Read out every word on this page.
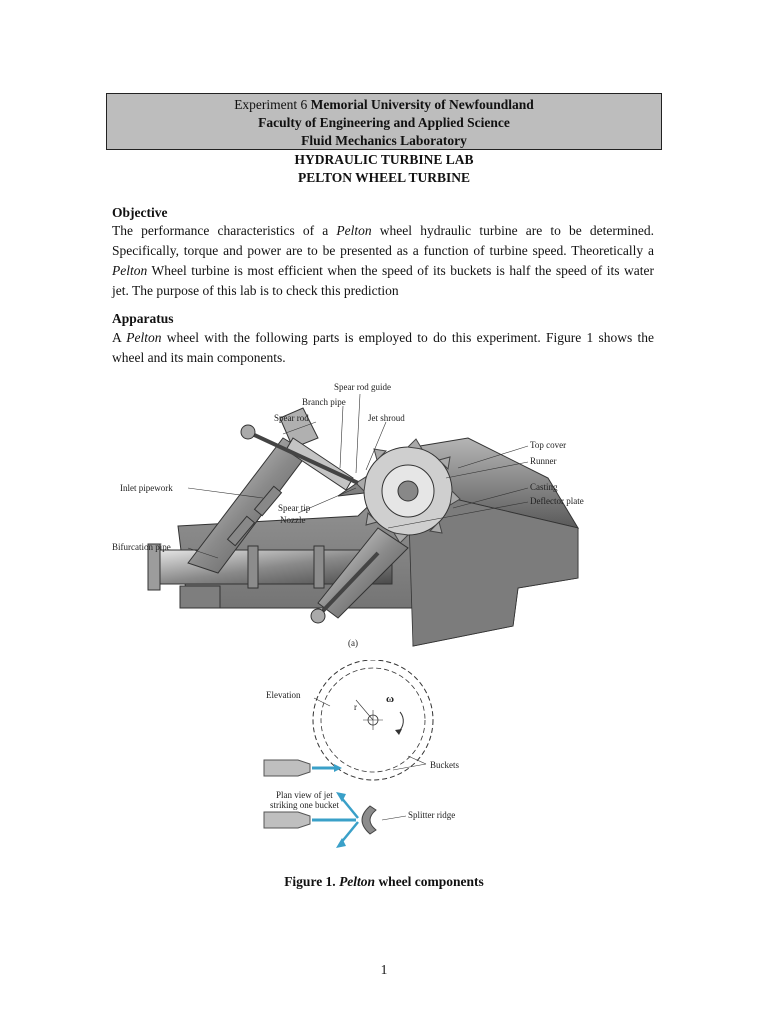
Experiment 6 Memorial University of Newfoundland
Faculty of Engineering and Applied Science
Fluid Mechanics Laboratory
HYDRAULIC TURBINE LAB
PELTON WHEEL TURBINE
Objective
The performance characteristics of a Pelton wheel hydraulic turbine are to be determined. Specifically, torque and power are to be presented as a function of turbine speed. Theoretically a Pelton Wheel turbine is most efficient when the speed of its buckets is half the speed of its water jet. The purpose of this lab is to check this prediction
Apparatus
A Pelton wheel with the following parts is employed to do this experiment. Figure 1 shows the wheel and its main components.
Spear rod guide
Branch pipe
Spear rod	Jet shroud
Top cover
Runner
Inlet pipework	Casting
Deflector plate
Spear tip
Nozzle
Bifurcation pipe
(a)
Elevation
r
ω
Buckets
Plan view of jet
striking one bucket
Splitter ridge
Figure 1. Pelton wheel components
1
